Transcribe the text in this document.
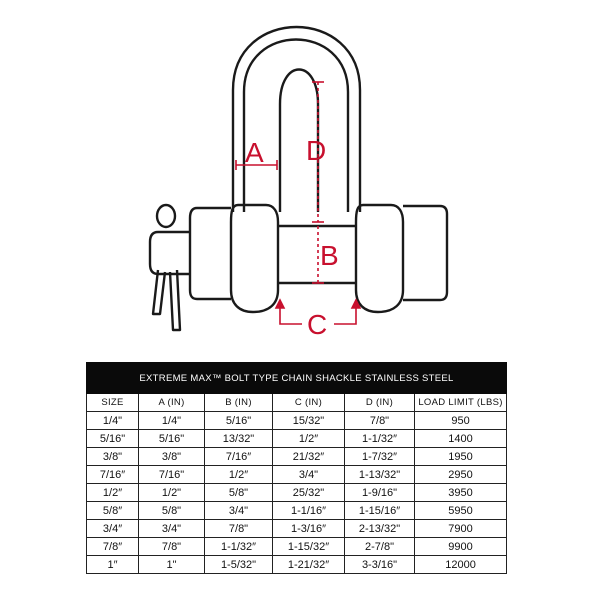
A D
B
C
EXTREME MAX™ BOLT TYPE CHAIN SHACKLE STAINLESS STEEL					
SIZE	A (IN)	B (IN)	C (IN)	D (IN)	LOAD LIMIT (LBS)
1/4"	1/4"	5/16"	15/32"	7/8"	950
5/16"	5/16"	13/32"	1/2″	1-1/32″	1400
3/8"	3/8"	7/16″	21/32″	1-7/32″	1950
7/16″	7/16"	1/2″	3/4"	1-13/32"	2950
1/2″	1/2"	5/8"	25/32"	1-9/16"	3950
5/8″	5/8"	3/4"	1-1/16″	1-15/16″	5950
3/4″	3/4"	7/8"	1-3/16″	2-13/32"	7900
7/8″	7/8"	1-1/32″	1-15/32″	2-7/8"	9900
1″	1"	1-5/32"	1-21/32″	3-3/16"	12000
